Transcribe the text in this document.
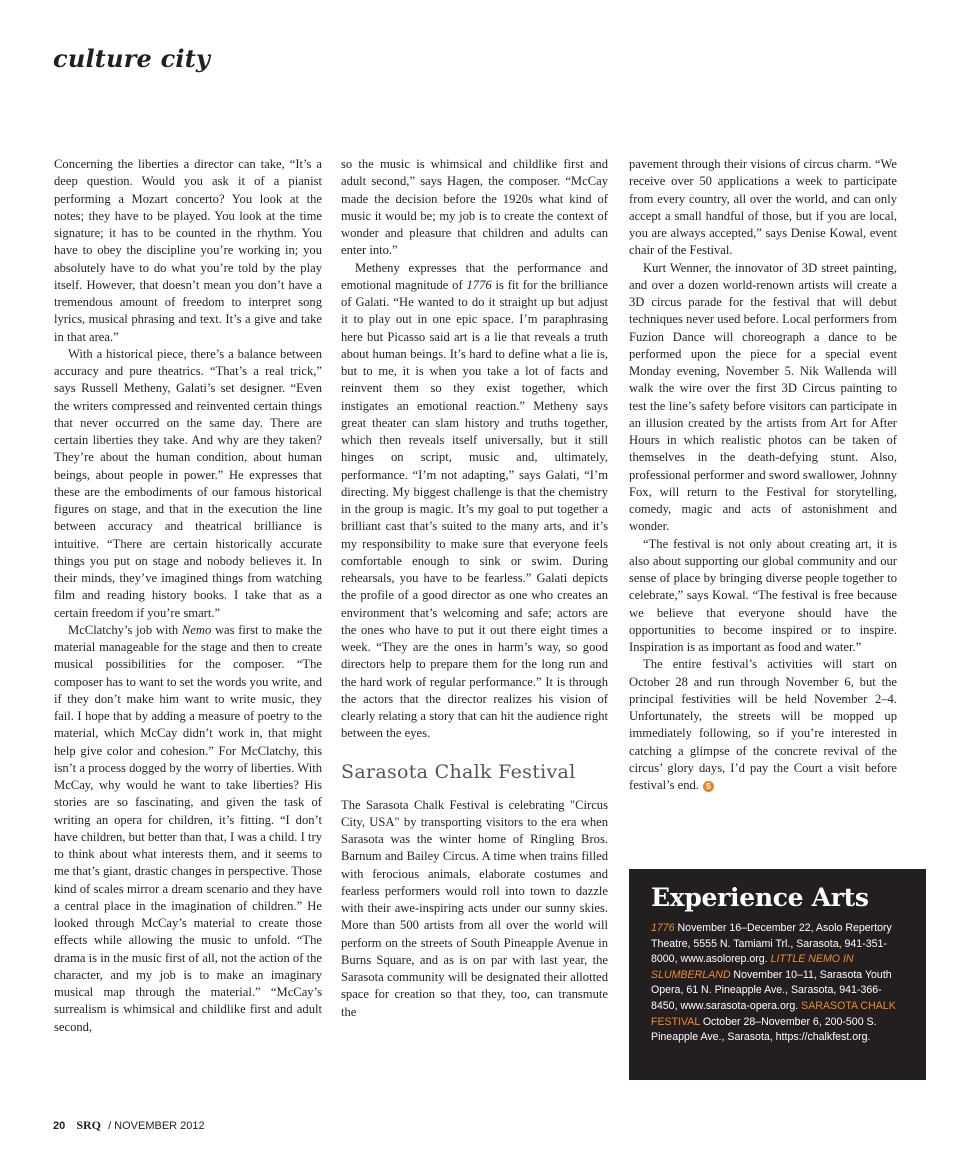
culture city

Concerning the liberties a director can take, “It’s a deep question. Would you ask it of a pianist performing a Mozart concerto? You look at the notes; they have to be played. You look at the time signature; it has to be counted in the rhythm. You have to obey the discipline you’re working in; you absolutely have to do what you’re told by the play itself. However, that doesn’t mean you don’t have a tremendous amount of freedom to interpret song lyrics, musical phrasing and text. It’s a give and take in that area.”

With a historical piece, there’s a balance between accuracy and pure theatrics. “That’s a real trick,” says Russell Metheny, Galati’s set designer. “Even the writers compressed and reinvented certain things that never occurred on the same day. There are certain liberties they take. And why are they taken? They’re about the human condition, about human beings, about people in power.” He expresses that these are the embodiments of our famous historical figures on stage, and that in the execution the line between accuracy and theatrical brilliance is intuitive. “There are certain historically accurate things you put on stage and nobody believes it. In their minds, they’ve imagined things from watching film and reading history books. I take that as a certain freedom if you’re smart.”

McClatchy’s job with Nemo was first to make the material manageable for the stage and then to create musical possibilities for the composer. “The composer has to want to set the words you write, and if they don’t make him want to write music, they fail. I hope that by adding a measure of poetry to the material, which McCay didn’t work in, that might help give color and cohesion.” For McClatchy, this isn’t a process dogged by the worry of liberties. With McCay, why would he want to take liberties? His stories are so fascinating, and given the task of writing an opera for children, it’s fitting. “I don’t have children, but better than that, I was a child. I try to think about what interests them, and it seems to me that’s giant, drastic changes in perspective. Those kind of scales mirror a dream scenario and they have a central place in the imagination of children.” He looked through McCay’s material to create those effects while allowing the music to unfold. “The drama is in the music first of all, not the action of the character, and my job is to make an imaginary musical map through the material.” “McCay’s surrealism is whimsical and childlike first and adult second,

so the music is whimsical and childlike first and adult second,” says Hagen, the composer. “McCay made the decision before the 1920s what kind of music it would be; my job is to create the context of wonder and pleasure that children and adults can enter into.”

Metheny expresses that the performance and emotional magnitude of 1776 is fit for the brilliance of Galati. “He wanted to do it straight up but adjust it to play out in one epic space. I’m paraphrasing here but Picasso said art is a lie that reveals a truth about human beings. It’s hard to define what a lie is, but to me, it is when you take a lot of facts and reinvent them so they exist together, which instigates an emotional reaction.” Metheny says great theater can slam history and truths together, which then reveals itself universally, but it still hinges on script, music and, ultimately, performance. “I’m not adapting,” says Galati, “I’m directing. My biggest challenge is that the chemistry in the group is magic. It’s my goal to put together a brilliant cast that’s suited to the many arts, and it’s my responsibility to make sure that everyone feels comfortable enough to sink or swim. During rehearsals, you have to be fearless.” Galati depicts the profile of a good director as one who creates an environment that’s welcoming and safe; actors are the ones who have to put it out there eight times a week. “They are the ones in harm’s way, so good directors help to prepare them for the long run and the hard work of regular performance.” It is through the actors that the director realizes his vision of clearly relating a story that can hit the audience right between the eyes.

Sarasota Chalk Festival

The Sarasota Chalk Festival is celebrating "Circus City, USA" by transporting visitors to the era when Sarasota was the winter home of Ringling Bros. Barnum and Bailey Circus. A time when trains filled with ferocious animals, elaborate costumes and fearless performers would roll into town to dazzle with their awe-inspiring acts under our sunny skies. More than 500 artists from all over the world will perform on the streets of South Pineapple Avenue in Burns Square, and as is on par with last year, the Sarasota community will be designated their allotted space for creation so that they, too, can transmute the

pavement through their visions of circus charm. “We receive over 50 applications a week to participate from every country, all over the world, and can only accept a small handful of those, but if you are local, you are always accepted,” says Denise Kowal, event chair of the Festival.

Kurt Wenner, the innovator of 3D street painting, and over a dozen world-renown artists will create a 3D circus parade for the festival that will debut techniques never used before. Local performers from Fuzion Dance will choreograph a dance to be performed upon the piece for a special event Monday evening, November 5. Nik Wallenda will walk the wire over the first 3D Circus painting to test the line’s safety before visitors can participate in an illusion created by the artists from Art for After Hours in which realistic photos can be taken of themselves in the death-defying stunt. Also, professional performer and sword swallower, Johnny Fox, will return to the Festival for storytelling, comedy, magic and acts of astonishment and wonder.

“The festival is not only about creating art, it is also about supporting our global community and our sense of place by bringing diverse people together to celebrate,” says Kowal. “The festival is free because we believe that everyone should have the opportunities to become inspired or to inspire. Inspiration is as important as food and water.”

The entire festival’s activities will start on October 28 and run through November 6, but the principal festivities will be held November 2–4. Unfortunately, the streets will be mopped up immediately following, so if you’re interested in catching a glimpse of the concrete revival of the circus’ glory days, I’d pay the Court a visit before festival’s end. S

Experience Arts

1776 November 16–December 22, Asolo Repertory Theatre, 5555 N. Tamiami Trl., Sarasota, 941-351-8000, www.asolorep.org. LITTLE NEMO IN SLUMBERLAND November 10–11, Sarasota Youth Opera, 61 N. Pineapple Ave., Sarasota, 941-366-8450, www.sarasota-opera.org. SARASOTA CHALK FESTIVAL October 28–November 6, 200-500 S. Pineapple Ave., Sarasota, https://chalkfest.org.

20 SRQ / NOVEMBER 2012
